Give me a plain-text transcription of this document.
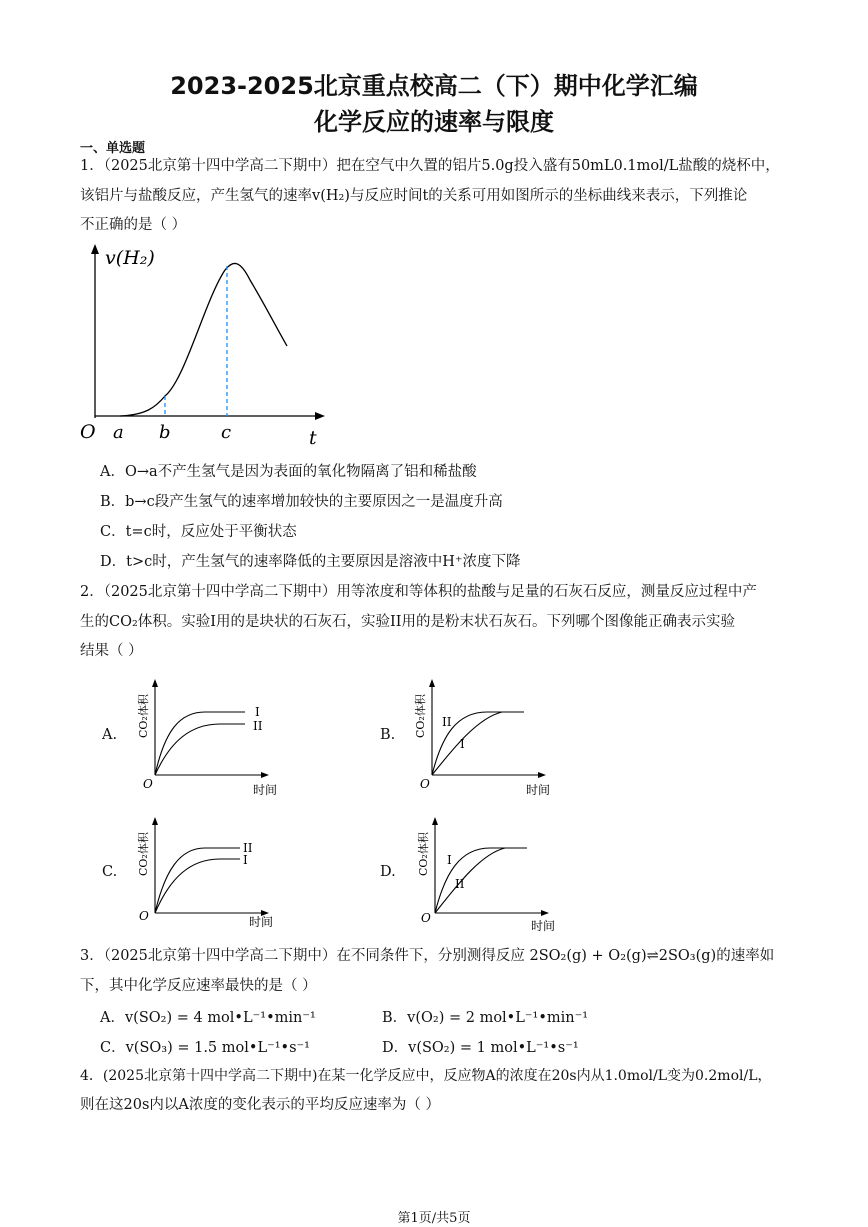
2023-2025北京重点校高二（下）期中化学汇编
化学反应的速率与限度
一、单选题
1．（2025北京第十四中学高二下期中）把在空气中久置的铝片5.0g投入盛有50mL0.1mol/L盐酸的烧杯中，
该铝片与盐酸反应，产生氢气的速率v(H₂)与反应时间t的关系可用如图所示的坐标曲线来表示，下列推论
不正确的是（ ）
v(H₂)
O a b	c	t
A．O→a不产生氢气是因为表面的氧化物隔离了铝和稀盐酸
B．b→c段产生氢气的速率增加较快的主要原因之一是温度升高
C．t=c时，反应处于平衡状态
D．t>c时，产生氢气的速率降低的主要原因是溶液中H⁺浓度下降
2．（2025北京第十四中学高二下期中）用等浓度和等体积的盐酸与足量的石灰石反应，测量反应过程中产
生的CO₂体积。实验I用的是块状的石灰石，实验II用的是粉末状石灰石。下列哪个图像能正确表示实验
结果（ ）
A.
I
II
O	时间
CO₂体积	B.
II
I
O	时间
CO₂体积
C.
II
I
O	时间
CO₂体积	D.
I
II
O
时间
CO₂体积
3．（2025北京第十四中学高二下期中）在不同条件下，分别测得反应 2SO₂(g) + O₂(g)⇌2SO₃(g)的速率如
下，其中化学反应速率最快的是（ ）
A．v(SO₂) = 4 mol•L⁻¹•min⁻¹	B．v(O₂) = 2 mol•L⁻¹•min⁻¹
C．v(SO₃) = 1.5 mol•L⁻¹•s⁻¹	D．v(SO₂) = 1 mol•L⁻¹•s⁻¹
4．(2025北京第十四中学高二下期中)在某一化学反应中，反应物A的浓度在20s内从1.0mol/L变为0.2mol/L，
则在这20s内以A浓度的变化表示的平均反应速率为（ ）
第1页/共5页
